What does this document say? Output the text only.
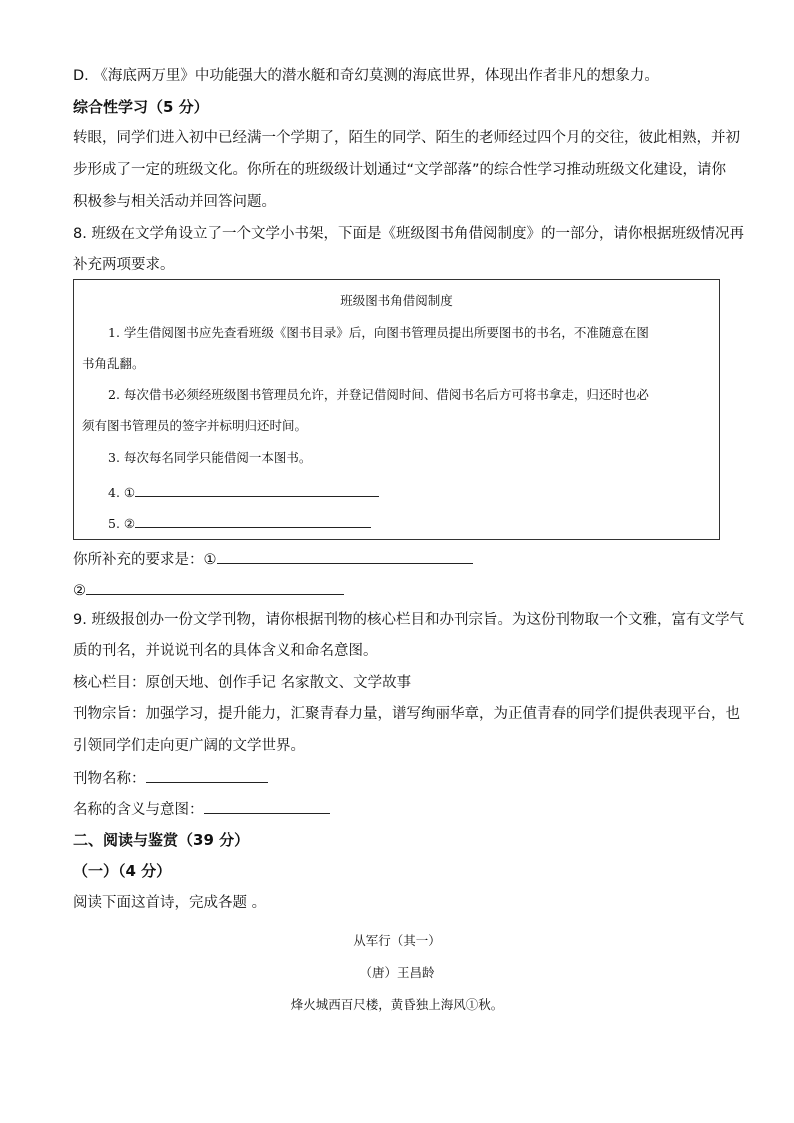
D. 《海底两万里》中功能强大的潜水艇和奇幻莫测的海底世界，体现出作者非凡的想象力。
综合性学习（5 分）
转眼，同学们进入初中已经满一个学期了，陌生的同学、陌生的老师经过四个月的交往，彼此相熟，并初
步形成了一定的班级文化。你所在的班级级计划通过“文学部落”的综合性学习推动班级文化建设，请你
积极参与相关活动并回答问题。
8. 班级在文学角设立了一个文学小书架，下面是《班级图书角借阅制度》的一部分，请你根据班级情况再
补充两项要求。
班级图书角借阅制度
1. 学生借阅图书应先查看班级《图书目录》后，向图书管理员提出所要图书的书名，不准随意在图
书角乱翻。
2. 每次借书必须经班级图书管理员允许，并登记借阅时间、借阅书名后方可将书拿走，归还时也必
须有图书管理员的签字并标明归还时间。
3. 每次每名同学只能借阅一本图书。
4. ①
5. ②
你所补充的要求是：①
②
9. 班级报创办一份文学刊物，请你根据刊物的核心栏目和办刊宗旨。为这份刊物取一个文雅，富有文学气
质的刊名，并说说刊名的具体含义和命名意图。
核心栏目：原创天地、创作手记 名家散文、文学故事
刊物宗旨：加强学习，提升能力，汇聚青春力量，谱写绚丽华章，为正值青春的同学们提供表现平台，也
引领同学们走向更广阔的文学世界。
刊物名称：
名称的含义与意图：
二、阅读与鉴赏（39 分）
（一）（4 分）
阅读下面这首诗，完成各题 。
从军行（其一）
（唐）王昌龄
烽火城西百尺楼，黄昏独上海风①秋。
